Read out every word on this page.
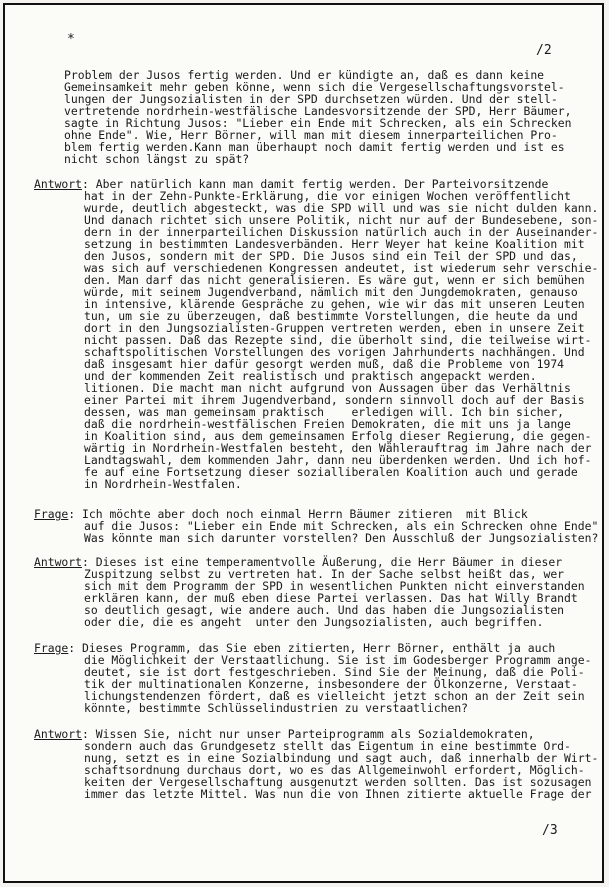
*
/2
Problem der Jusos fertig werden. Und er kündigte an, daß es dann keine
Gemeinsamkeit mehr geben könne, wenn sich die Vergesellschaftungsvorstel-
lungen der Jungsozialisten in der SPD durchsetzen würden. Und der stell-
vertretende nordrhein-westfälische Landesvorsitzende der SPD, Herr Bäumer,
sagte in Richtung Jusos: "Lieber ein Ende mit Schrecken, als ein Schrecken
ohne Ende". Wie, Herr Börner, will man mit diesem innerparteilichen Pro-
blem fertig werden.Kann man überhaupt noch damit fertig werden und ist es
nicht schon längst zu spät?
Antwort: Aber natürlich kann man damit fertig werden. Der Parteivorsitzende
hat in der Zehn-Punkte-Erklärung, die vor einigen Wochen veröffentlicht
wurde, deutlich abgesteckt, was die SPD will und was sie nicht dulden kann.
Und danach richtet sich unsere Politik, nicht nur auf der Bundesebene, son-
dern in der innerparteilichen Diskussion natürlich auch in der Auseinander-
setzung in bestimmten Landesverbänden. Herr Weyer hat keine Koalition mit
den Jusos, sondern mit der SPD. Die Jusos sind ein Teil der SPD und das,
was sich auf verschiedenen Kongressen andeutet, ist wiederum sehr verschie-
den. Man darf das nicht generalisieren. Es wäre gut, wenn er sich bemühen
würde, mit seinem Jugendverband, nämlich mit den Jungdemokraten, genauso
in intensive, klärende Gespräche zu gehen, wie wir das mit unseren Leuten
tun, um sie zu überzeugen, daß bestimmte Vorstellungen, die heute da und
dort in den Jungsozialisten-Gruppen vertreten werden, eben in unsere Zeit
nicht passen. Daß das Rezepte sind, die überholt sind, die teilweise wirt-
schaftspolitischen Vorstellungen des vorigen Jahrhunderts nachhängen. Und
daß insgesamt hier dafür gesorgt werden muß, daß die Probleme von 1974
und der kommenden Zeit realistisch und praktisch angepackt werden.
litionen. Die macht man nicht aufgrund von Aussagen über das Verhältnis
einer Partei mit ihrem Jugendverband, sondern sinnvoll doch auf der Basis
dessen, was man gemeinsam praktisch    erledigen will. Ich bin sicher,
daß die nordrhein-westfälischen Freien Demokraten, die mit uns ja lange
in Koalition sind, aus dem gemeinsamen Erfolg dieser Regierung, die gegen-
wärtig in Nordrhein-Westfalen besteht, den Wählerauftrag im Jahre nach der
Landtagswahl, dem kommenden Jahr, dann neu überdenken werden. Und ich hof-
fe auf eine Fortsetzung dieser sozialliberalen Koalition auch und gerade
in Nordrhein-Westfalen.
Frage: Ich möchte aber doch noch einmal Herrn Bäumer zitieren  mit Blick
auf die Jusos: "Lieber ein Ende mit Schrecken, als ein Schrecken ohne Ende"
Was könnte man sich darunter vorstellen? Den Ausschluß der Jungsozialisten?
Antwort: Dieses ist eine temperamentvolle Äußerung, die Herr Bäumer in dieser
Zuspitzung selbst zu vertreten hat. In der Sache selbst heißt das, wer
sich mit dem Programm der SPD in wesentlichen Punkten nicht einverstanden
erklären kann, der muß eben diese Partei verlassen. Das hat Willy Brandt
so deutlich gesagt, wie andere auch. Und das haben die Jungsozialisten
oder die, die es angeht  unter den Jungsozialisten, auch begriffen.
Frage: Dieses Programm, das Sie eben zitierten, Herr Börner, enthält ja auch
die Möglichkeit der Verstaatlichung. Sie ist im Godesberger Programm ange-
deutet, sie ist dort festgeschrieben. Sind Sie der Meinung, daß die Poli-
tik der multinationalen Konzerne, insbesondere der Ölkonzerne, Verstaat-
lichungstendenzen fördert, daß es vielleicht jetzt schon an der Zeit sein
könnte, bestimmte Schlüsselindustrien zu verstaatlichen?
Antwort: Wissen Sie, nicht nur unser Parteiprogramm als Sozialdemokraten,
sondern auch das Grundgesetz stellt das Eigentum in eine bestimmte Ord-
nung, setzt es in eine Sozialbindung und sagt auch, daß innerhalb der Wirt-
schaftsordnung durchaus dort, wo es das Allgemeinwohl erfordert, Möglich-
keiten der Vergesellschaftung ausgenutzt werden sollten. Das ist sozusagen
immer das letzte Mittel. Was nun die von Ihnen zitierte aktuelle Frage der
/3
